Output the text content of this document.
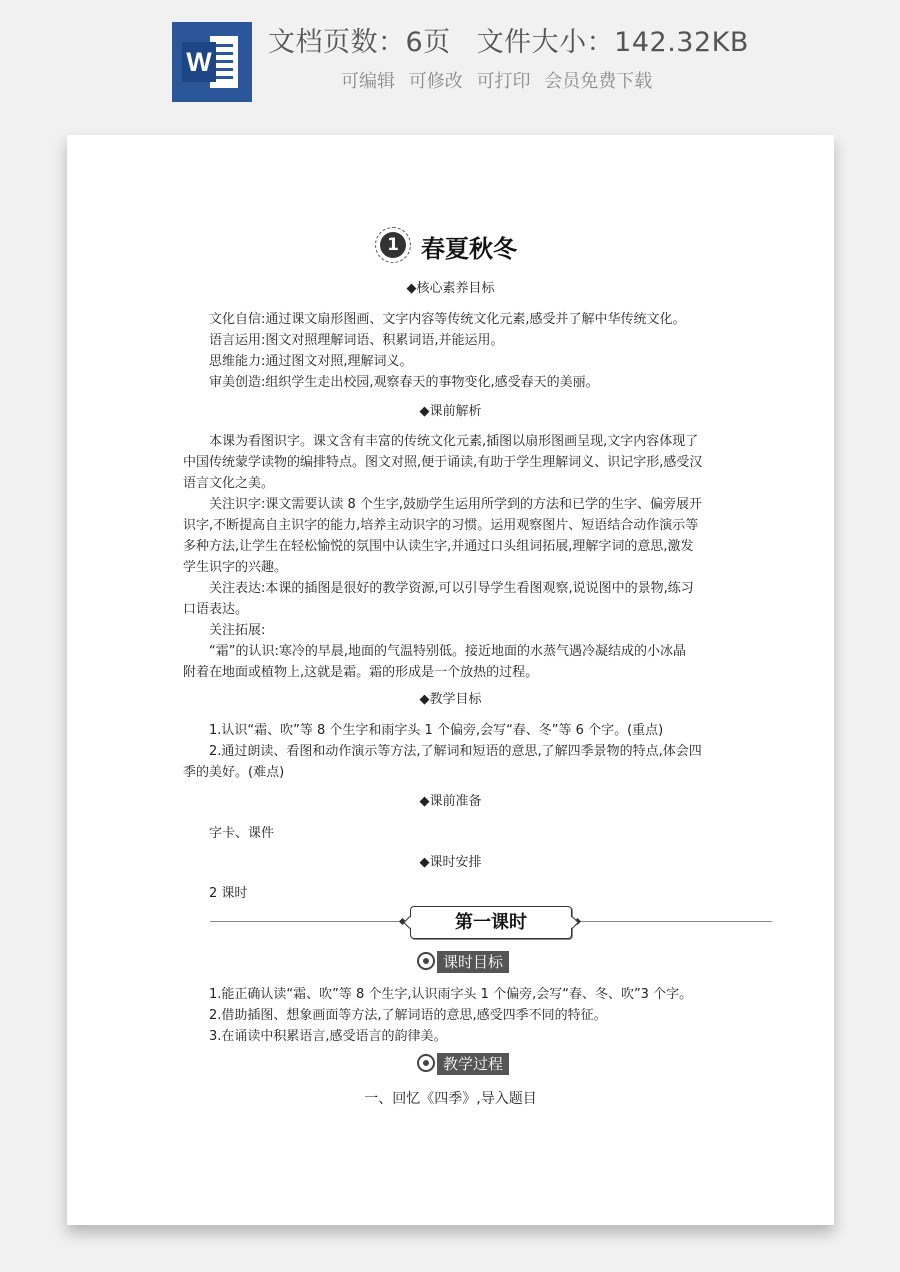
W
文档页数：6页 文件大小：142.32KB
可编辑 可修改 可打印 会员免费下载
1 春夏秋冬
◆核心素养目标
文化自信:通过课文扇形图画、文字内容等传统文化元素,感受并了解中华传统文化。
语言运用:图文对照理解词语、积累词语,并能运用。
思维能力:通过图文对照,理解词义。
审美创造:组织学生走出校园,观察春天的事物变化,感受春天的美丽。
◆课前解析
本课为看图识字。课文含有丰富的传统文化元素,插图以扇形图画呈现,文字内容体现了
中国传统蒙学读物的编排特点。图文对照,便于诵读,有助于学生理解词义、识记字形,感受汉
语言文化之美。
关注识字:课文需要认读 8 个生字,鼓励学生运用所学到的方法和已学的生字、偏旁展开
识字,不断提高自主识字的能力,培养主动识字的习惯。运用观察图片、短语结合动作演示等
多种方法,让学生在轻松愉悦的氛围中认读生字,并通过口头组词拓展,理解字词的意思,激发
学生识字的兴趣。
关注表达:本课的插图是很好的教学资源,可以引导学生看图观察,说说图中的景物,练习
口语表达。
关注拓展:
“霜”的认识:寒冷的早晨,地面的气温特别低。接近地面的水蒸气遇冷凝结成的小冰晶
附着在地面或植物上,这就是霜。霜的形成是一个放热的过程。
◆教学目标
1.认识“霜、吹”等 8 个生字和雨字头 1 个偏旁,会写“春、冬”等 6 个字。(重点)
2.通过朗读、看图和动作演示等方法,了解词和短语的意思,了解四季景物的特点,体会四
季的美好。(难点)
◆课前准备
字卡、课件
◆课时安排
2 课时
第一课时
课时目标
1.能正确认读“霜、吹”等 8 个生字,认识雨字头 1 个偏旁,会写“春、冬、吹”3 个字。
2.借助插图、想象画面等方法,了解词语的意思,感受四季不同的特征。
3.在诵读中积累语言,感受语言的韵律美。
教学过程
一、回忆《四季》,导入题目
